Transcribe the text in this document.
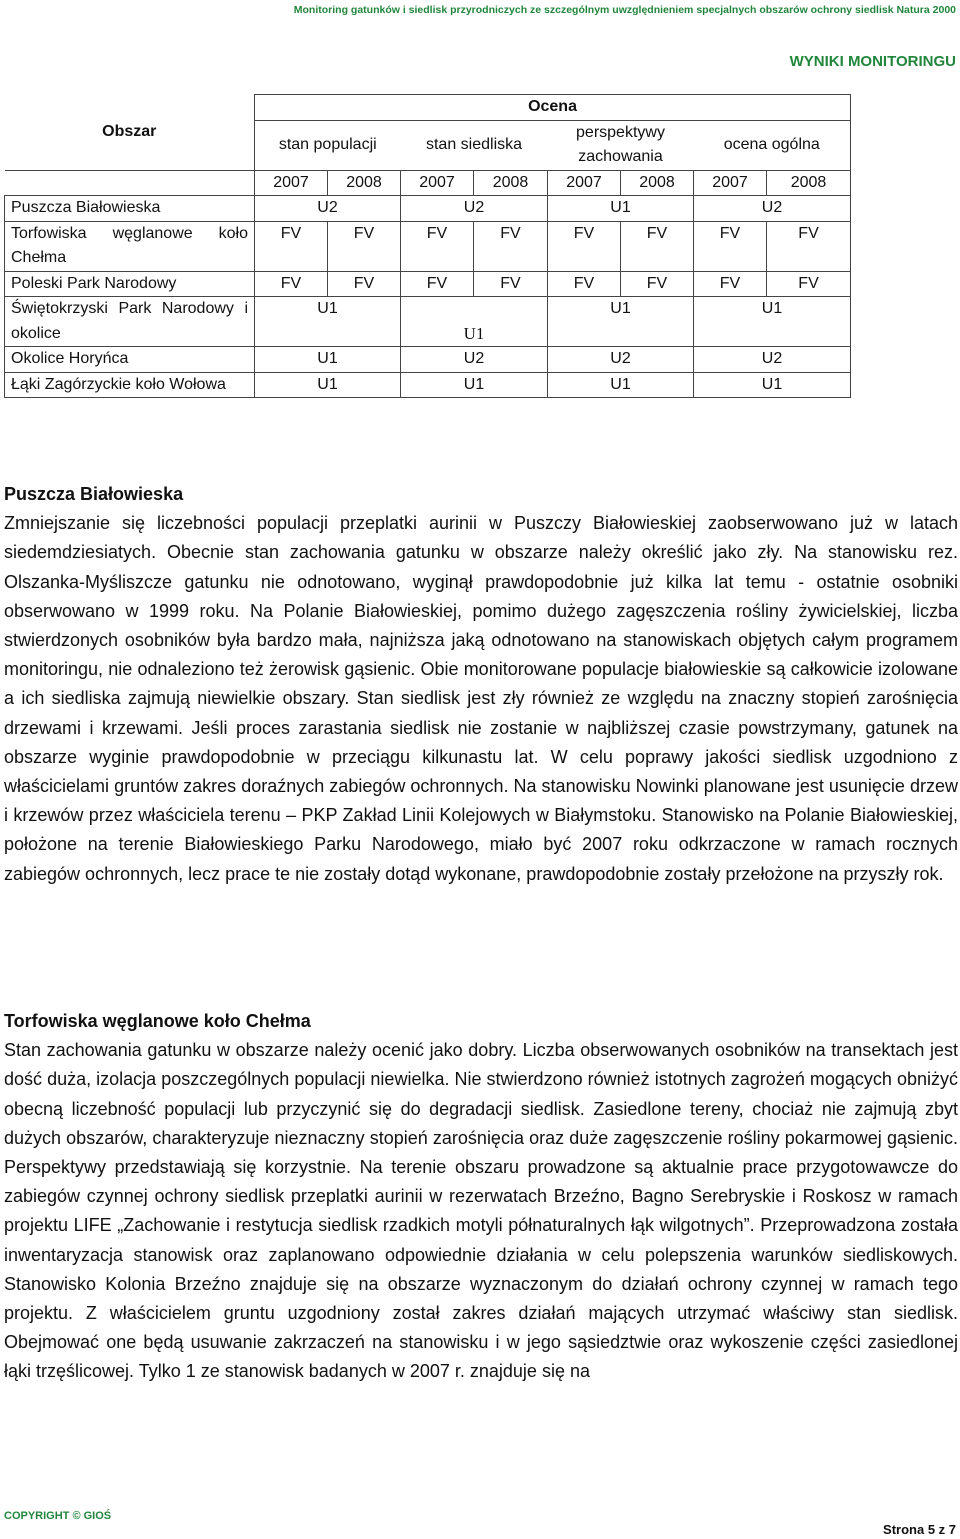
Monitoring gatunków i siedlisk przyrodniczych ze szczególnym uwzględnieniem specjalnych obszarów ochrony siedlisk Natura 2000
WYNIKI MONITORINGU
Obszar	Ocena							
	stan populacji		stan siedliska		perspektywy zachowania		ocena ogólna	
	2007	2008	2007	2008	2007	2008	2007	2008
Puszcza Białowieska	U2		U2		U1		U2	
Torfowiska węglanowe koło Chełma	FV	FV	FV	FV	FV	FV	FV	FV
Poleski Park Narodowy	FV	FV	FV	FV	FV	FV	FV	FV
Świętokrzyski Park Narodowy i okolice	U1		U1		U1		U1	
Okolice Horyńca	U1		U2		U2		U2	
Łąki Zagórzyckie koło Wołowa	U1		U1		U1		U1	
Puszcza Białowieska

Zmniejszanie się liczebności populacji przeplatki aurinii w Puszczy Białowieskiej zaobserwowano już w latach siedemdziesiatych. Obecnie stan zachowania gatunku w obszarze należy określić jako zły. Na stanowisku rez. Olszanka-Myśliszcze gatunku nie odnotowano, wyginął prawdopodobnie już kilka lat temu - ostatnie osobniki obserwowano w 1999 roku. Na Polanie Białowieskiej, pomimo dużego zagęszczenia rośliny żywicielskiej, liczba stwierdzonych osobników była bardzo mała, najniższa jaką odnotowano na stanowiskach objętych całym programem monitoringu, nie odnaleziono też żerowisk gąsienic. Obie monitorowane populacje białowieskie są całkowicie izolowane a ich siedliska zajmują niewielkie obszary. Stan siedlisk jest zły również ze względu na znaczny stopień zarośnięcia drzewami i krzewami. Jeśli proces zarastania siedlisk nie zostanie w najbliższej czasie powstrzymany, gatunek na obszarze wyginie prawdopodobnie w przeciągu kilkunastu lat. W celu poprawy jakości siedlisk uzgodniono z właścicielami gruntów zakres doraźnych zabiegów ochronnych. Na stanowisku Nowinki planowane jest usunięcie drzew i krzewów przez właściciela terenu – PKP Zakład Linii Kolejowych w Białymstoku. Stanowisko na Polanie Białowieskiej, położone na terenie Białowieskiego Parku Narodowego, miało być 2007 roku odkrzaczone w ramach rocznych zabiegów ochronnych, lecz prace te nie zostały dotąd wykonane, prawdopodobnie zostały przełożone na przyszły rok.

Torfowiska węglanowe koło Chełma

Stan zachowania gatunku w obszarze należy ocenić jako dobry. Liczba obserwowanych osobników na transektach jest dość duża, izolacja poszczególnych populacji niewielka. Nie stwierdzono również istotnych zagrożeń mogących obniżyć obecną liczebność populacji lub przyczynić się do degradacji siedlisk. Zasiedlone tereny, chociaż nie zajmują zbyt dużych obszarów, charakteryzuje nieznaczny stopień zarośnięcia oraz duże zagęszczenie rośliny pokarmowej gąsienic. Perspektywy przedstawiają się korzystnie. Na terenie obszaru prowadzone są aktualnie prace przygotowawcze do zabiegów czynnej ochrony siedlisk przeplatki aurinii w rezerwatach Brzeźno, Bagno Serebryskie i Roskosz w ramach projektu LIFE „Zachowanie i restytucja siedlisk rzadkich motyli półnaturalnych łąk wilgotnych”. Przeprowadzona została inwentaryzacja stanowisk oraz zaplanowano odpowiednie działania w celu polepszenia warunków siedliskowych. Stanowisko Kolonia Brzeźno znajduje się na obszarze wyznaczonym do działań ochrony czynnej w ramach tego projektu. Z właścicielem gruntu uzgodniony został zakres działań mających utrzymać właściwy stan siedlisk. Obejmować one będą usuwanie zakrzaczeń na stanowisku i w jego sąsiedztwie oraz wykoszenie części zasiedlonej łąki trzęślicowej. Tylko 1 ze stanowisk badanych w 2007 r. znajduje się na

COPYRIGHT © GIOŚ
Strona 5 z 7
